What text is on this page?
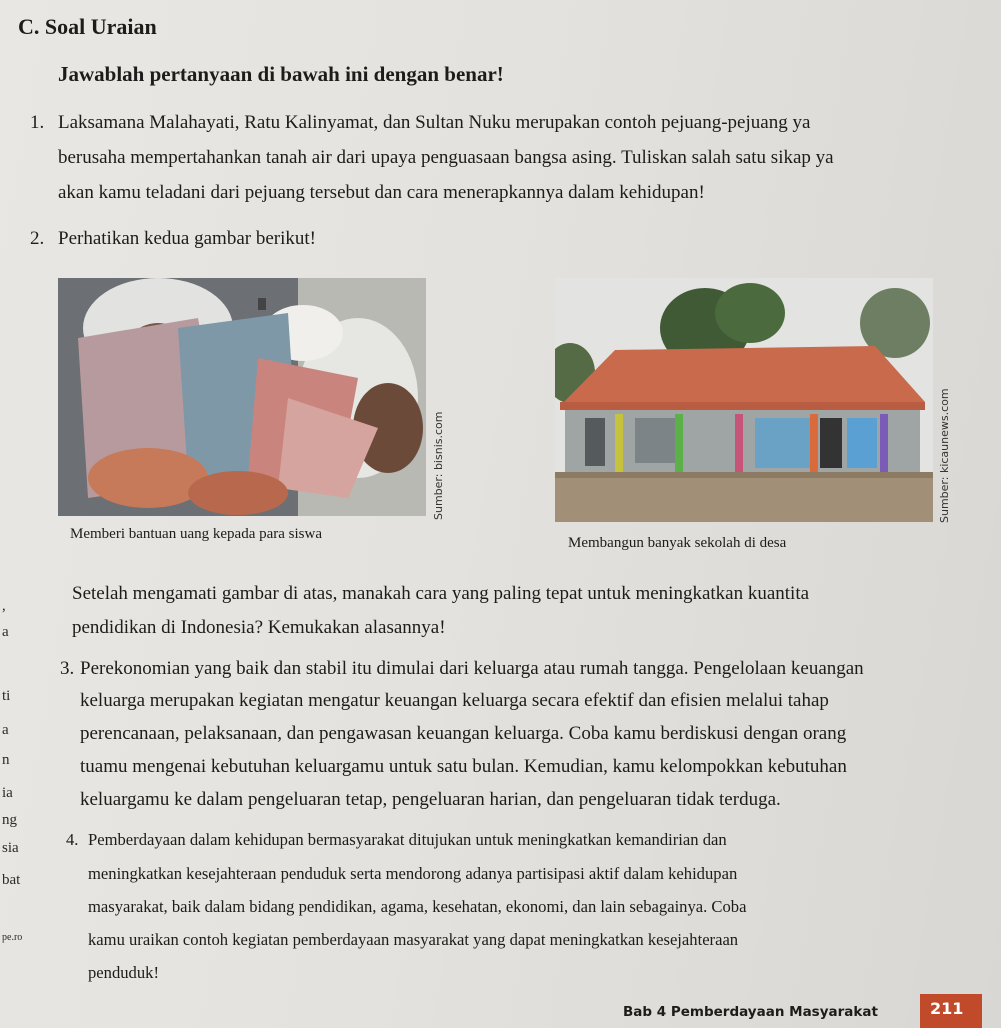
C. Soal Uraian
Jawablah pertanyaan di bawah ini dengan benar!
1. Laksamana Malahayati, Ratu Kalinyamat, dan Sultan Nuku merupakan contoh pejuang-pejuang ya
berusaha mempertahankan tanah air dari upaya penguasaan bangsa asing. Tuliskan salah satu sikap ya
akan kamu teladani dari pejuang tersebut dan cara menerapkannya dalam kehidupan!
2. Perhatikan kedua gambar berikut!
Sumber: bisnis.com
Memberi bantuan uang kepada para siswa
Sumber: kicaunews.com
Membangun banyak sekolah di desa
Setelah mengamati gambar di atas, manakah cara yang paling tepat untuk meningkatkan kuantita
pendidikan di Indonesia? Kemukakan alasannya!
3. Perekonomian yang baik dan stabil itu dimulai dari keluarga atau rumah tangga. Pengelolaan keuangan
keluarga merupakan kegiatan mengatur keuangan keluarga secara efektif dan efisien melalui tahap
perencanaan, pelaksanaan, dan pengawasan keuangan keluarga. Coba kamu berdiskusi dengan orang
tuamu mengenai kebutuhan keluargamu untuk satu bulan. Kemudian, kamu kelompokkan kebutuhan
keluargamu ke dalam pengeluaran tetap, pengeluaran harian, dan pengeluaran tidak terduga.
4. Pemberdayaan dalam kehidupan bermasyarakat ditujukan untuk meningkatkan kemandirian dan
meningkatkan kesejahteraan penduduk serta mendorong adanya partisipasi aktif dalam kehidupan
masyarakat, baik dalam bidang pendidikan, agama, kesehatan, ekonomi, dan lain sebagainya. Coba
kamu uraikan contoh kegiatan pemberdayaan masyarakat yang dapat meningkatkan kesejahteraan
penduduk!
,
a
ti
a
n
ia
ng
sia
bat
pe.ro
Bab 4 Pemberdayaan Masyarakat	211
